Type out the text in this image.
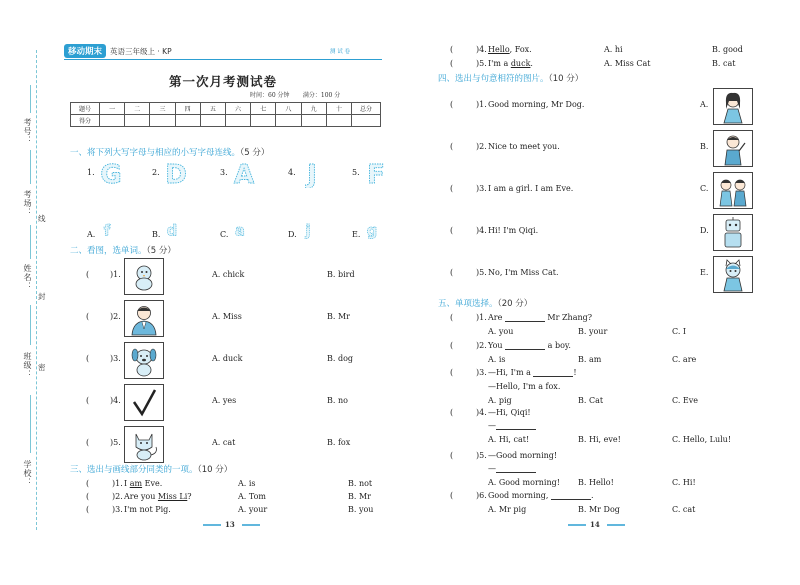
考号：
考场：
姓名：
班级：
学校：
线
封
密
移动期末	英语三年级上 · KP	测 试 卷
第一次月考测试卷
时间：60 分钟 满分：100 分
题号	一	二	三	四	五	六	七	八	九	十	总分
得分											
一、将下列大写字母与相应的小写字母连线。（5 分）
1. G	2. D	3. A	4. J	5. F
A. f	B. d	C. a	D. j	E. g
二、看图，选单词。（5 分）
(	)1.	A. chick	B. bird
(	)2.	A. Miss	B. Mr
(	)3.	A. duck	B. dog
(	)4.	A. yes	B. no
(	)5.	A. cat	B. fox
三、选出与画线部分同类的一项。（10 分）
(	)1. I am Eve.	A. is	B. not
(	)2. Are you Miss Li?	A. Tom	B. Mr
(	)3. I'm not Pig.	A. your	B. you
(	)4. Hello, Fox.	A. hi	B. good
(	)5. I'm a duck.	A. Miss Cat	B. cat
四、选出与句意相符的图片。（10 分）
(	)1. Good morning, Mr Dog.	A.
(	)2. Nice to meet you.	B.
(	)3. I am a girl. I am Eve.	C.
(	)4. Hi! I'm Qiqi.	D.
(	)5. No, I'm Miss Cat.	E.
五、单项选择。（20 分）
(	)1. Are	Mr Zhang?
A. you	B. your	C. I
(	)2. You	a boy.
A. is	B. am	C. are
(	)3. —Hi, I'm a	!
—Hello, I'm a fox.
A. pig	B. Cat	C. Eve
(	)4. —Hi, Qiqi!
—
A. Hi, cat!	B. Hi, eve!	C. Hello, Lulu!
(	)5. —Good morning!
—
A. Good morning! B. Hello!	C. Hi!
(	)6. Good morning,	.
A. Mr pig	B. Mr Dog	C. cat
13	14
